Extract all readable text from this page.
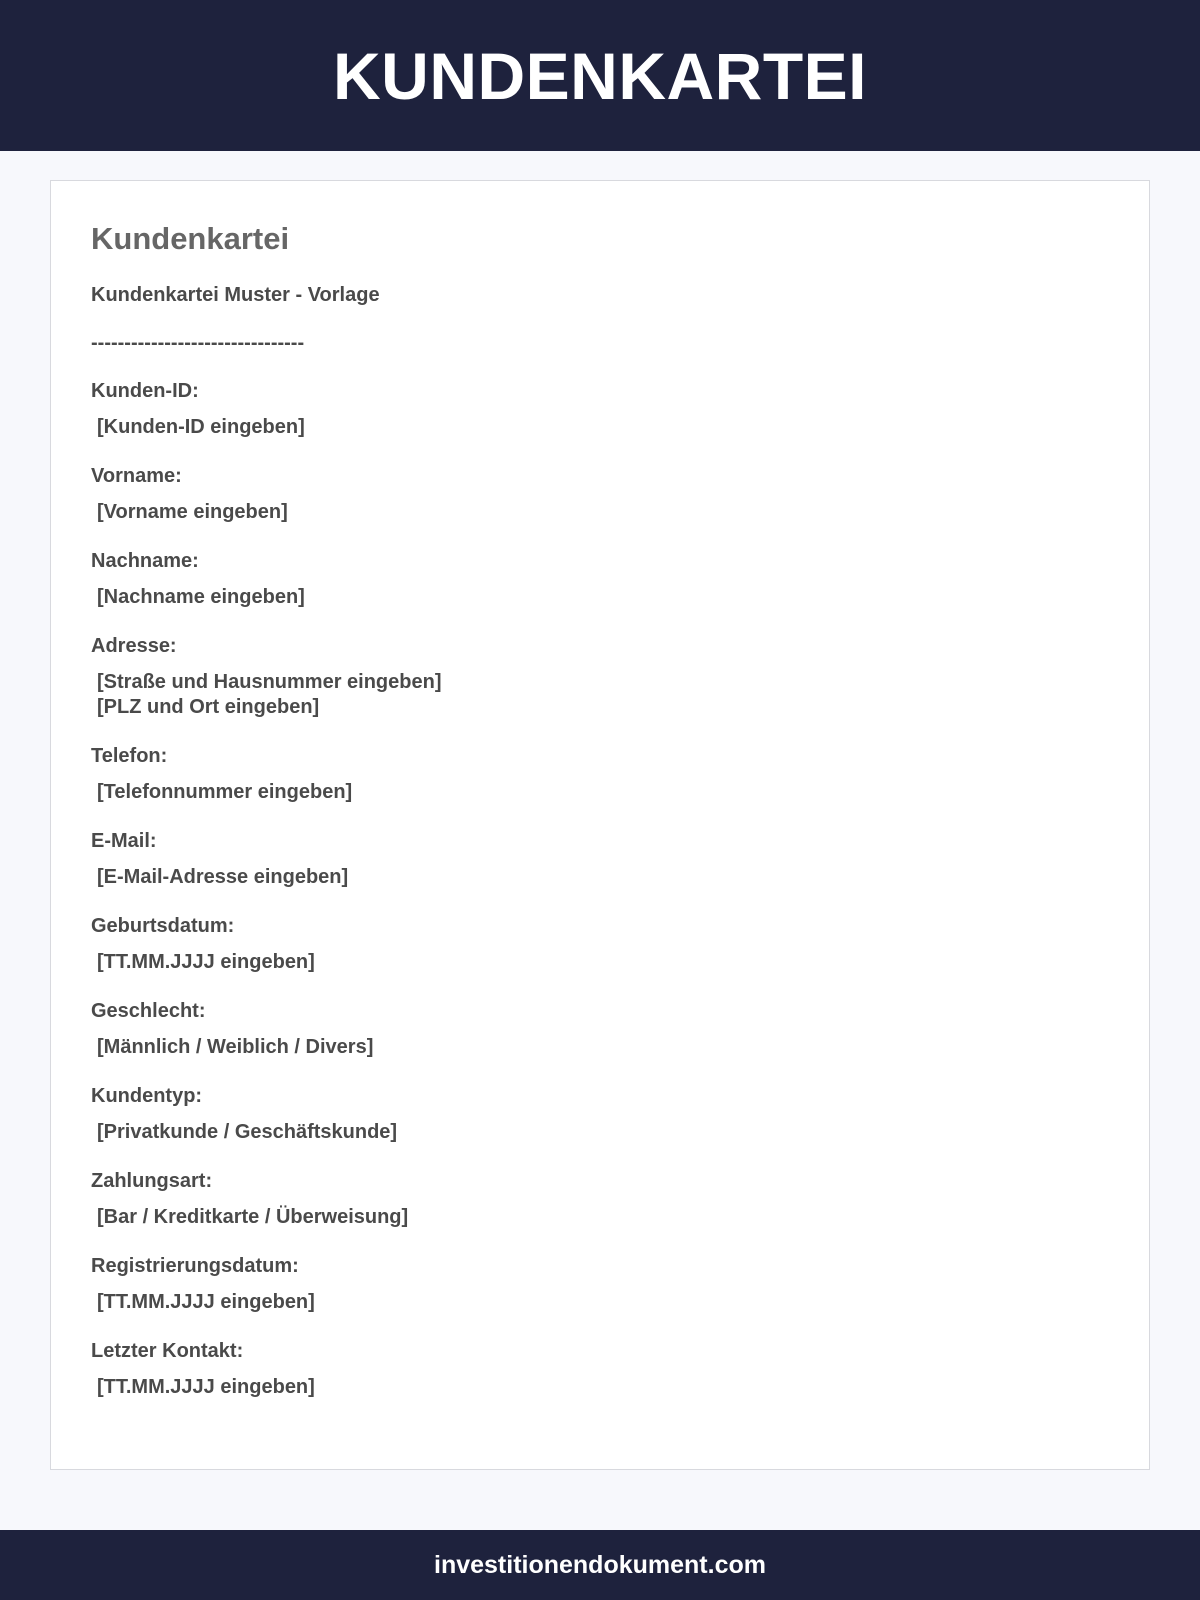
KUNDENKARTEI
Kundenkartei
Kundenkartei Muster - Vorlage
--------------------------------
Kunden-ID:
[Kunden-ID eingeben]
Vorname:
[Vorname eingeben]
Nachname:
[Nachname eingeben]
Adresse:
[Straße und Hausnummer eingeben]
[PLZ und Ort eingeben]
Telefon:
[Telefonnummer eingeben]
E-Mail:
[E-Mail-Adresse eingeben]
Geburtsdatum:
[TT.MM.JJJJ eingeben]
Geschlecht:
[Männlich / Weiblich / Divers]
Kundentyp:
[Privatkunde / Geschäftskunde]
Zahlungsart:
[Bar / Kreditkarte / Überweisung]
Registrierungsdatum:
[TT.MM.JJJJ eingeben]
Letzter Kontakt:
[TT.MM.JJJJ eingeben]
investitionendokument.com
